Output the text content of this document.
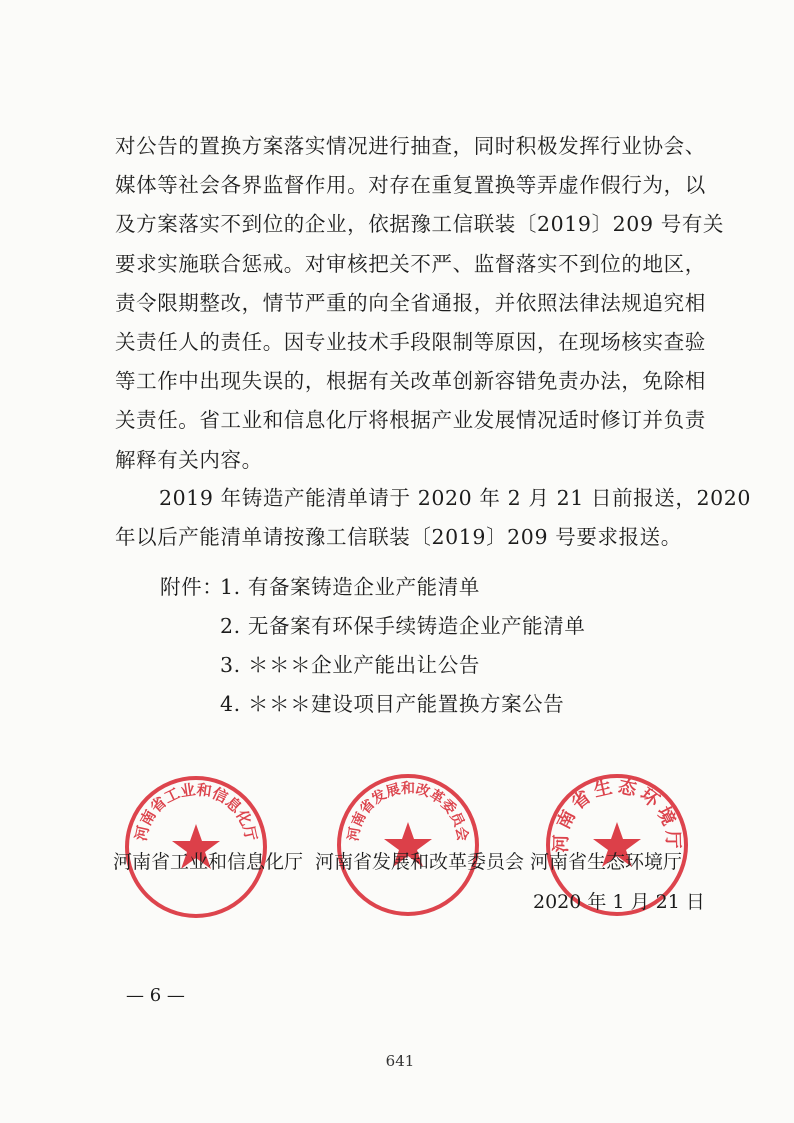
对公告的置换方案落实情况进行抽查，同时积极发挥行业协会、
媒体等社会各界监督作用。对存在重复置换等弄虚作假行为，以
及方案落实不到位的企业，依据豫工信联装〔2019〕209 号有关
要求实施联合惩戒。对审核把关不严、监督落实不到位的地区，
责令限期整改，情节严重的向全省通报，并依照法律法规追究相
关责任人的责任。因专业技术手段限制等原因，在现场核实查验
等工作中出现失误的，根据有关改革创新容错免责办法，免除相
关责任。省工业和信息化厅将根据产业发展情况适时修订并负责
解释有关内容。
2019 年铸造产能清单请于 2020 年 2 月 21 日前报送，2020
年以后产能清单请按豫工信联装〔2019〕209 号要求报送。
附件：
1. 有备案铸造企业产能清单
2. 无备案有环保手续铸造企业产能清单
3. ＊＊＊企业产能出让公告
4. ＊＊＊建设项目产能置换方案公告
河南省工业和信息化厅	河南省发展和改革委员会	河南省生态环境厅
河南省工业和信息化厅 河南省发展和改革委员会 河南省生态环境厅
2020 年 1 月 21 日
— 6 —
641
